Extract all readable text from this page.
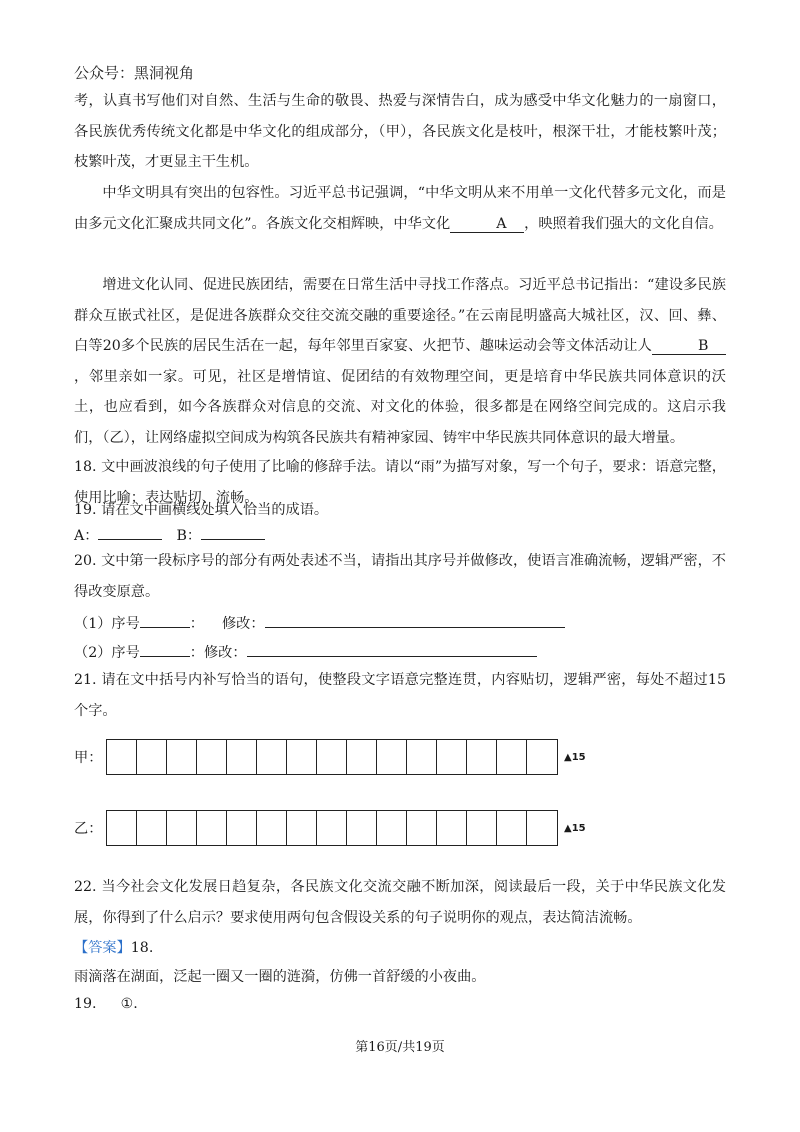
公众号：黑洞视角

考，认真书写他们对自然、生活与生命的敬畏、热爱与深情告白，成为感受中华文化魅力的一扇窗口，各民族优秀传统文化都是中华文化的组成部分，（甲），各民族文化是枝叶，根深干壮，才能枝繁叶茂；枝繁叶茂，才更显主干生机。

中华文明具有突出的包容性。习近平总书记强调，“中华文明从来不用单一文化代替多元文化，而是由多元文化汇聚成共同文化”。各族文化交相辉映，中华文化	A ，映照着我们强大的文化自信。

增进文化认同、促进民族团结，需要在日常生活中寻找工作落点。习近平总书记指出：“建设多民族群众互嵌式社区，是促进各族群众交往交流交融的重要途径。”在云南昆明盛高大城社区，汉、回、彝、白等20多个民族的居民生活在一起，每年邻里百家宴、火把节、趣味运动会等文体活动让人	B，邻里亲如一家。可见，社区是增情谊、促团结的有效物理空间，更是培育中华民族共同体意识的沃土，也应看到，如今各族群众对信息的交流、对文化的体验，很多都是在网络空间完成的。这启示我们，（乙），让网络虚拟空间成为构筑各民族共有精神家园、铸牢中华民族共同体意识的最大增量。

18. 文中画波浪线的句子使用了比喻的修辞手法。请以“雨”为描写对象，写一个句子，要求：语意完整，使用比喻；表达贴切、流畅。

19. 请在文中画横线处填入恰当的成语。

A：	B：

20. 文中第一段标序号的部分有两处表述不当，请指出其序号并做修改，使语言准确流畅，逻辑严密，不得改变原意。

（1）序号	： 修改：

（2）序号	：修改：

21. 请在文中括号内补写恰当的语句，使整段文字语意完整连贯，内容贴切，逻辑严密，每处不超过15个字。

甲：	▲15
乙：	▲15

22. 当今社会文化发展日趋复杂，各民族文化交流交融不断加深，阅读最后一段，关于中华民族文化发展，你得到了什么启示？要求使用两句包含假设关系的句子说明你的观点，表达简洁流畅。

【答案】18.

雨滴落在湖面，泛起一圈又一圈的涟漪，仿佛一首舒缓的小夜曲。

19. ①.

第16页/共19页
